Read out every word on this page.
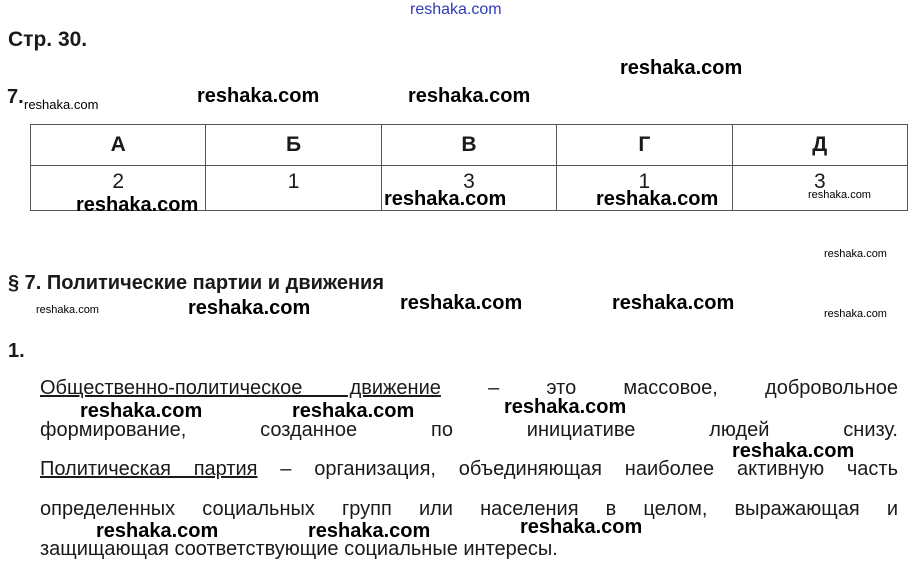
Стр. 30.
7.
А	Б	В	Г	Д
2	1	3	1	3
§ 7. Политические партии и движения
1.
Общественно-политическое движение – это массовое, добровольное
формирование, созданное по инициативе людей снизу.
Политическая партия – организация, объединяющая наиболее активную часть
определенных социальных групп или населения в целом, выражающая и
защищающая соответствующие социальные интересы.
reshaka.com
reshaka.com
reshaka.com	reshaka.com	reshaka.com
reshaka.com	reshaka.com	reshaka.com	reshaka.com
reshaka.com
reshaka.com	reshaka.com	reshaka.com	reshaka.com	reshaka.com
reshaka.com	reshaka.com	reshaka.com
reshaka.com
reshaka.com	reshaka.com	reshaka.com
